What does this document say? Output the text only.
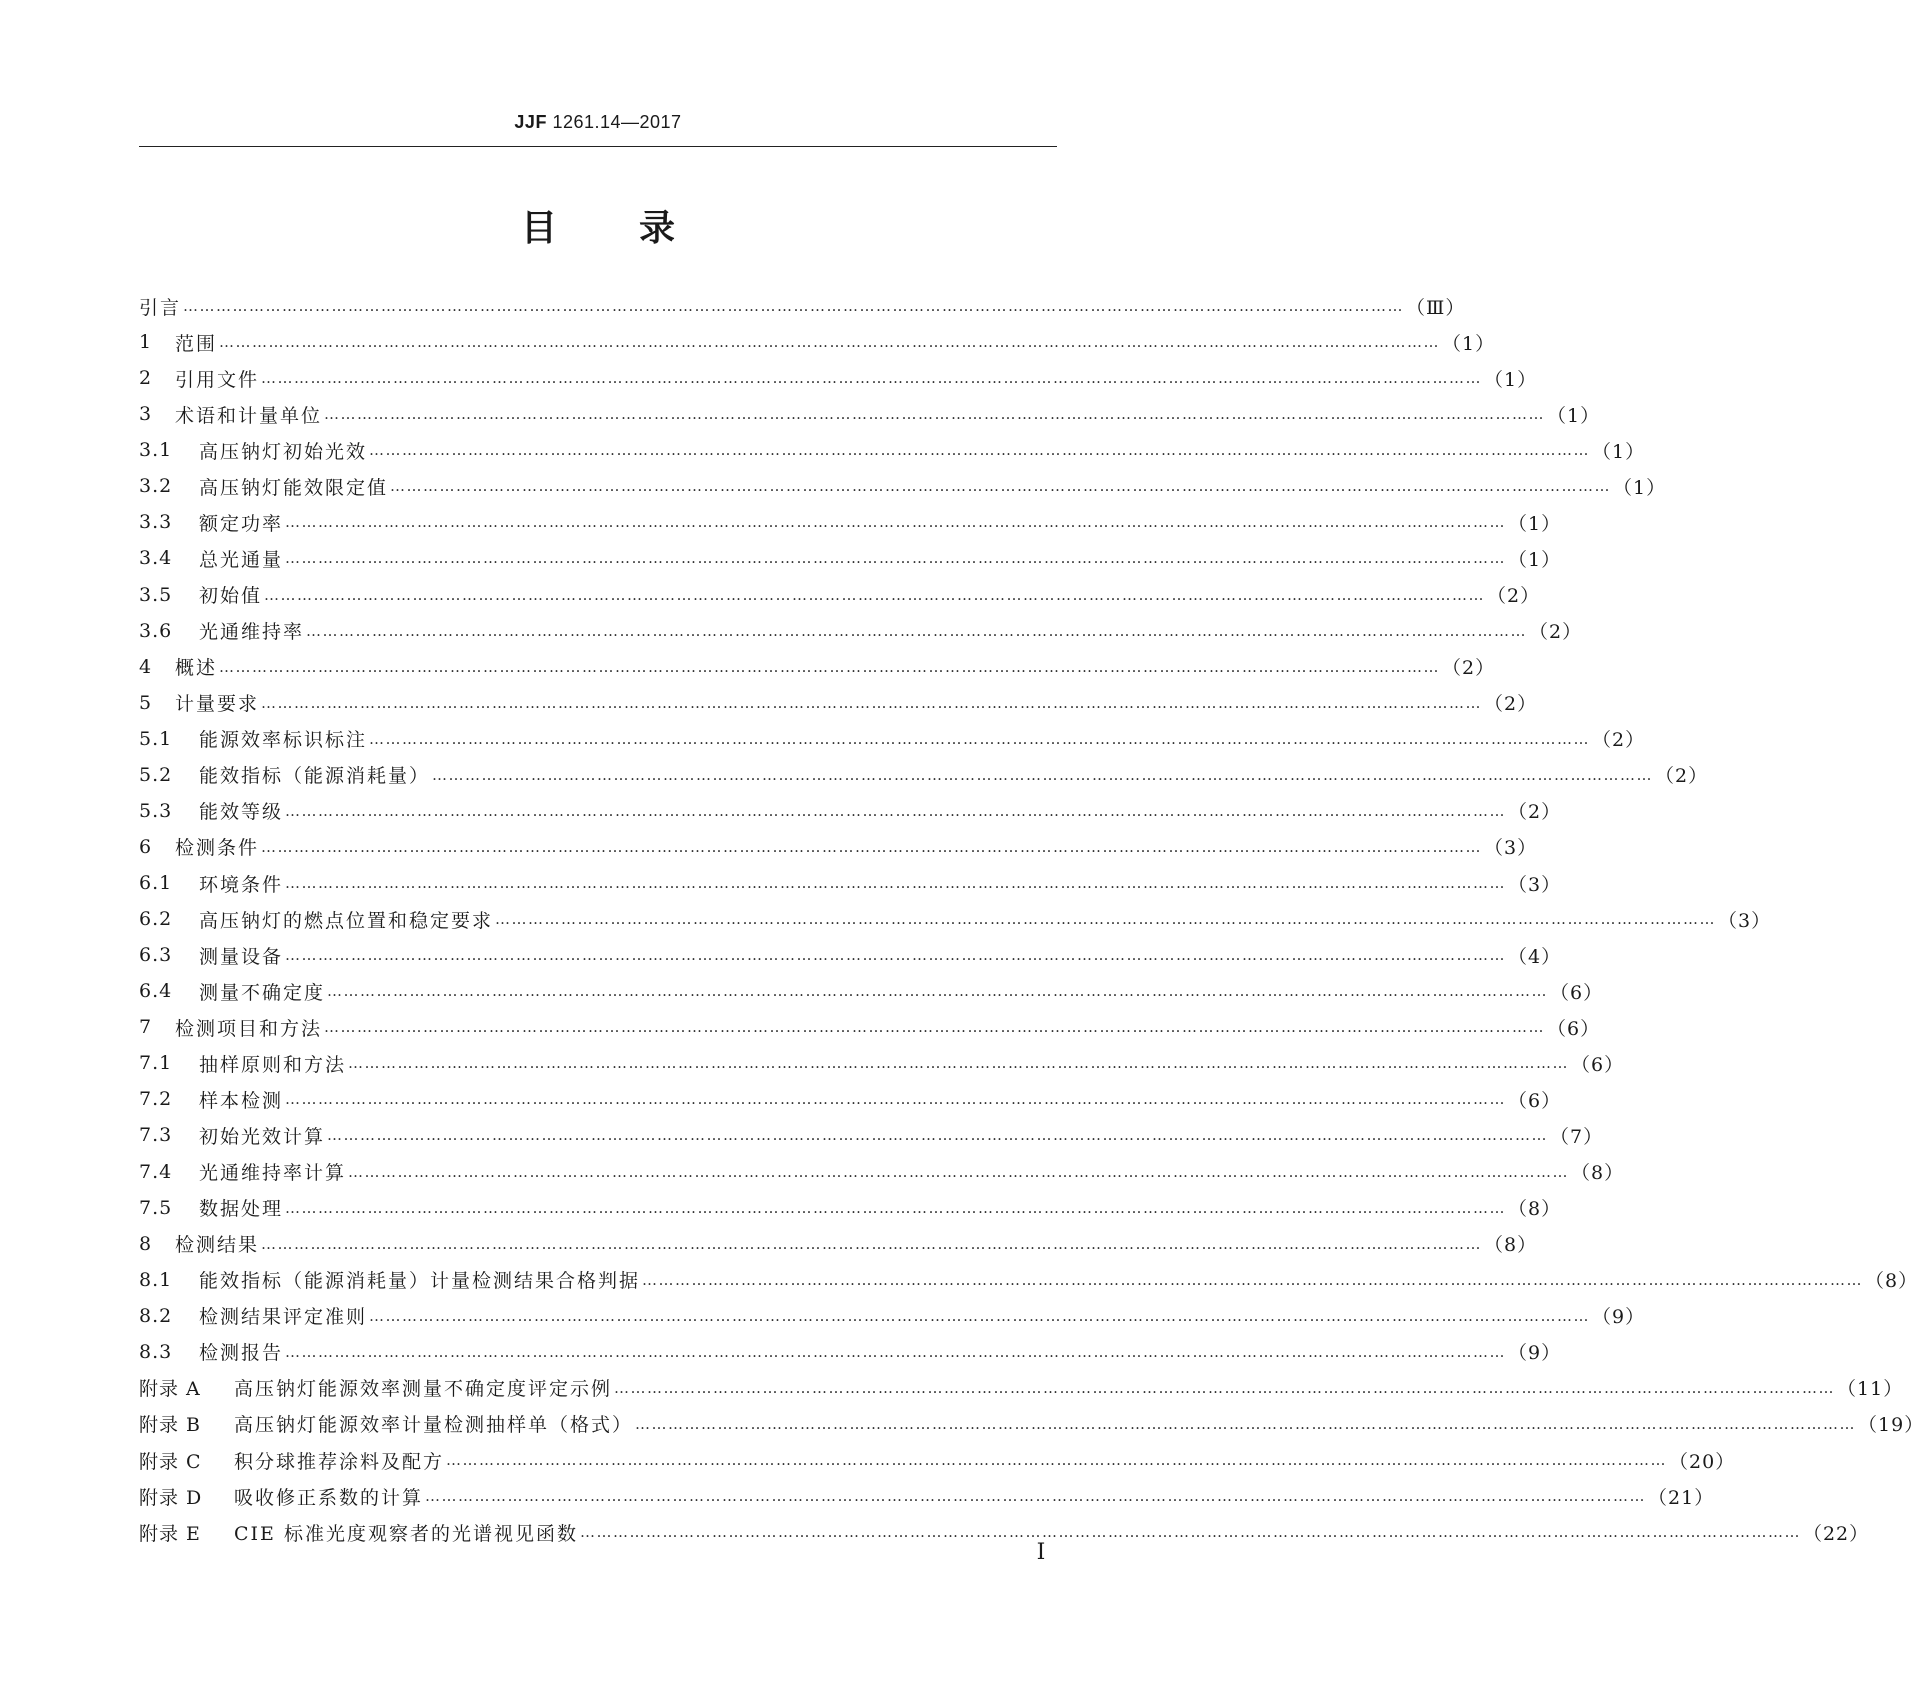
JJF 1261.14—2017
目 录
引言 ……………………………………………………………………………………………………………………………………………………………………………………………………	（Ⅲ）
1	范围 ……………………………………………………………………………………………………………………………………………………………………………………………………	（1）
2	引用文件 ……………………………………………………………………………………………………………………………………………………………………………………………………	（1）
3	术语和计量单位 ……………………………………………………………………………………………………………………………………………………………………………………………………	（1）
3.1	高压钠灯初始光效 ……………………………………………………………………………………………………………………………………………………………………………………………………	（1）
3.2	高压钠灯能效限定值 ……………………………………………………………………………………………………………………………………………………………………………………………………	（1）
3.3	额定功率 ……………………………………………………………………………………………………………………………………………………………………………………………………	（1）
3.4	总光通量 ……………………………………………………………………………………………………………………………………………………………………………………………………	（1）
3.5	初始值 ……………………………………………………………………………………………………………………………………………………………………………………………………	（2）
3.6	光通维持率 ……………………………………………………………………………………………………………………………………………………………………………………………………	（2）
4	概述 ……………………………………………………………………………………………………………………………………………………………………………………………………	（2）
5	计量要求 ……………………………………………………………………………………………………………………………………………………………………………………………………	（2）
5.1	能源效率标识标注 ……………………………………………………………………………………………………………………………………………………………………………………………………	（2）
5.2	能效指标（能源消耗量） ……………………………………………………………………………………………………………………………………………………………………………………………………	（2）
5.3	能效等级 ……………………………………………………………………………………………………………………………………………………………………………………………………	（2）
6	检测条件 ……………………………………………………………………………………………………………………………………………………………………………………………………	（3）
6.1	环境条件 ……………………………………………………………………………………………………………………………………………………………………………………………………	（3）
6.2	高压钠灯的燃点位置和稳定要求 ……………………………………………………………………………………………………………………………………………………………………………………………………	（3）
6.3	测量设备 ……………………………………………………………………………………………………………………………………………………………………………………………………	（4）
6.4	测量不确定度 ……………………………………………………………………………………………………………………………………………………………………………………………………	（6）
7	检测项目和方法 ……………………………………………………………………………………………………………………………………………………………………………………………………	（6）
7.1	抽样原则和方法 ……………………………………………………………………………………………………………………………………………………………………………………………………	（6）
7.2	样本检测 ……………………………………………………………………………………………………………………………………………………………………………………………………	（6）
7.3	初始光效计算 ……………………………………………………………………………………………………………………………………………………………………………………………………	（7）
7.4	光通维持率计算 ……………………………………………………………………………………………………………………………………………………………………………………………………	（8）
7.5	数据处理 ……………………………………………………………………………………………………………………………………………………………………………………………………	（8）
8	检测结果 ……………………………………………………………………………………………………………………………………………………………………………………………………	（8）
8.1	能效指标（能源消耗量）计量检测结果合格判据 ……………………………………………………………………………………………………………………………………………………………………………………………………	（8）
8.2	检测结果评定准则 ……………………………………………………………………………………………………………………………………………………………………………………………………	（9）
8.3	检测报告 ……………………………………………………………………………………………………………………………………………………………………………………………………	（9）
附录 A	高压钠灯能源效率测量不确定度评定示例 ……………………………………………………………………………………………………………………………………………………………………………………………………	（11）
附录 B	高压钠灯能源效率计量检测抽样单（格式） ……………………………………………………………………………………………………………………………………………………………………………………………………	（19）
附录 C	积分球推荐涂料及配方 ……………………………………………………………………………………………………………………………………………………………………………………………………	（20）
附录 D	吸收修正系数的计算 ……………………………………………………………………………………………………………………………………………………………………………………………………	（21）
附录 E	CIE 标准光度观察者的光谱视见函数 ……………………………………………………………………………………………………………………………………………………………………………………………………	（22）
Ⅰ
